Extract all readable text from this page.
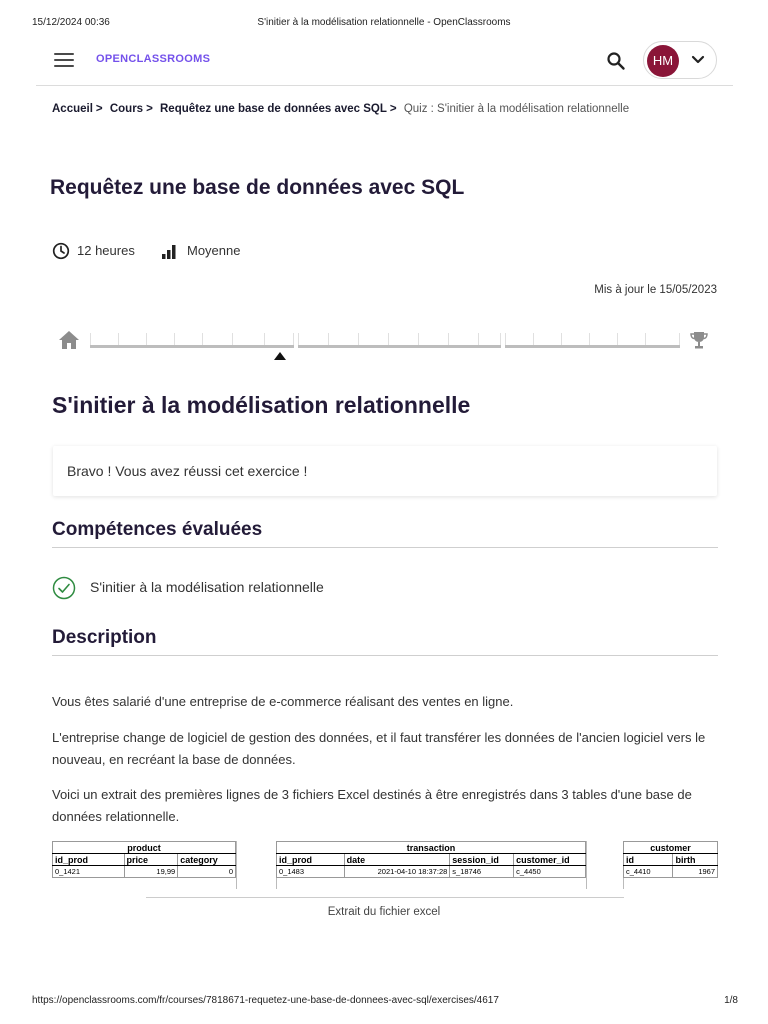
15/12/2024 00:36	S'initier à la modélisation relationnelle - OpenClassrooms
OPENCLASSROOMS	HM
Accueil > Cours > Requêtez une base de données avec SQL > Quiz : S'initier à la modélisation relationnelle
Requêtez une base de données avec SQL
12 heures	Moyenne
Mis à jour le 15/05/2023
S'initier à la modélisation relationnelle
Bravo ! Vous avez réussi cet exercice !
Compétences évaluées
S'initier à la modélisation relationnelle
Description

Vous êtes salarié d'une entreprise de e-commerce réalisant des ventes en ligne.

L'entreprise change de logiciel de gestion des données, et il faut transférer les données de l'ancien logiciel vers le nouveau, en recréant la base de données.

Voici un extrait des premières lignes de 3 fichiers Excel destinés à être enregistrés dans 3 tables d'une base de données relationnelle.

product		
id_prod	price	category
0_1421	19,99	0
transaction			
id_prod	date	session_id	customer_id
0_1483	2021-04-10 18:37:28	s_18746	c_4450
customer	
id	birth
c_4410	1967
Extrait du fichier excel
https://openclassrooms.com/fr/courses/7818671-requetez-une-base-de-donnees-avec-sql/exercises/4617	1/8
